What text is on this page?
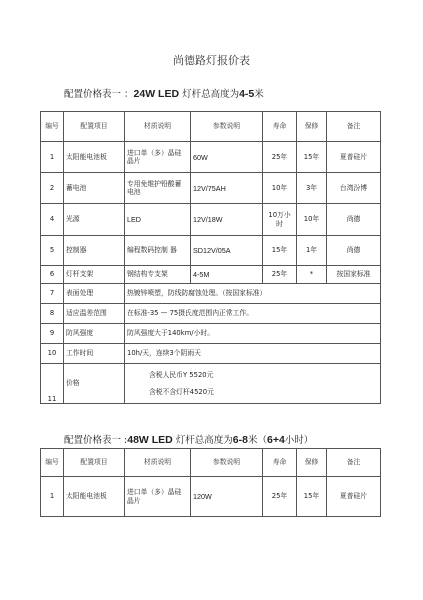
尚德路灯报价表
配置价格表一 ：24W LED 灯杆总高度为4-5米
编号	配置项目	材质说明	参数说明	寿命	保修	备注
1	太阳能电池板	进口单（多）晶硅晶片	60W	25年	15年	夏普硅片
2	蓄电池	专用免维护铅酸蓄电池	12V/75AH	10年	3年	台湾汾博
4	光源	LED	12V/18W	10万小时	10年	尚德
5	控制器	编程数码控制 器	SD12V/05A	15年	1年	尚德
6	灯杆支架	钢结构专支架	4-5M	25年	*	按国家标准
7	表面处理	热镀锌喷塑，防线防腐蚀处理。（按国家标准）				
8	适应温差范围	在标准-35 — 75摄氏度范围内正常工作。				
9	防风强度	防风强度大于140km/小时。				
10	工作时间	10h/天，连续3个阴雨天				
11	价格	含税人民币Y 5520元
含税不含灯杆4520元				
配置价格表一 :48W LED 灯杆总高度为6-8米（6+4小时）
编号	配置项目	材质说明	参数说明	寿命	保修	备注
1	太阳能电池板	进口单（多）晶硅晶片	120W	25年	15年	夏普硅片
